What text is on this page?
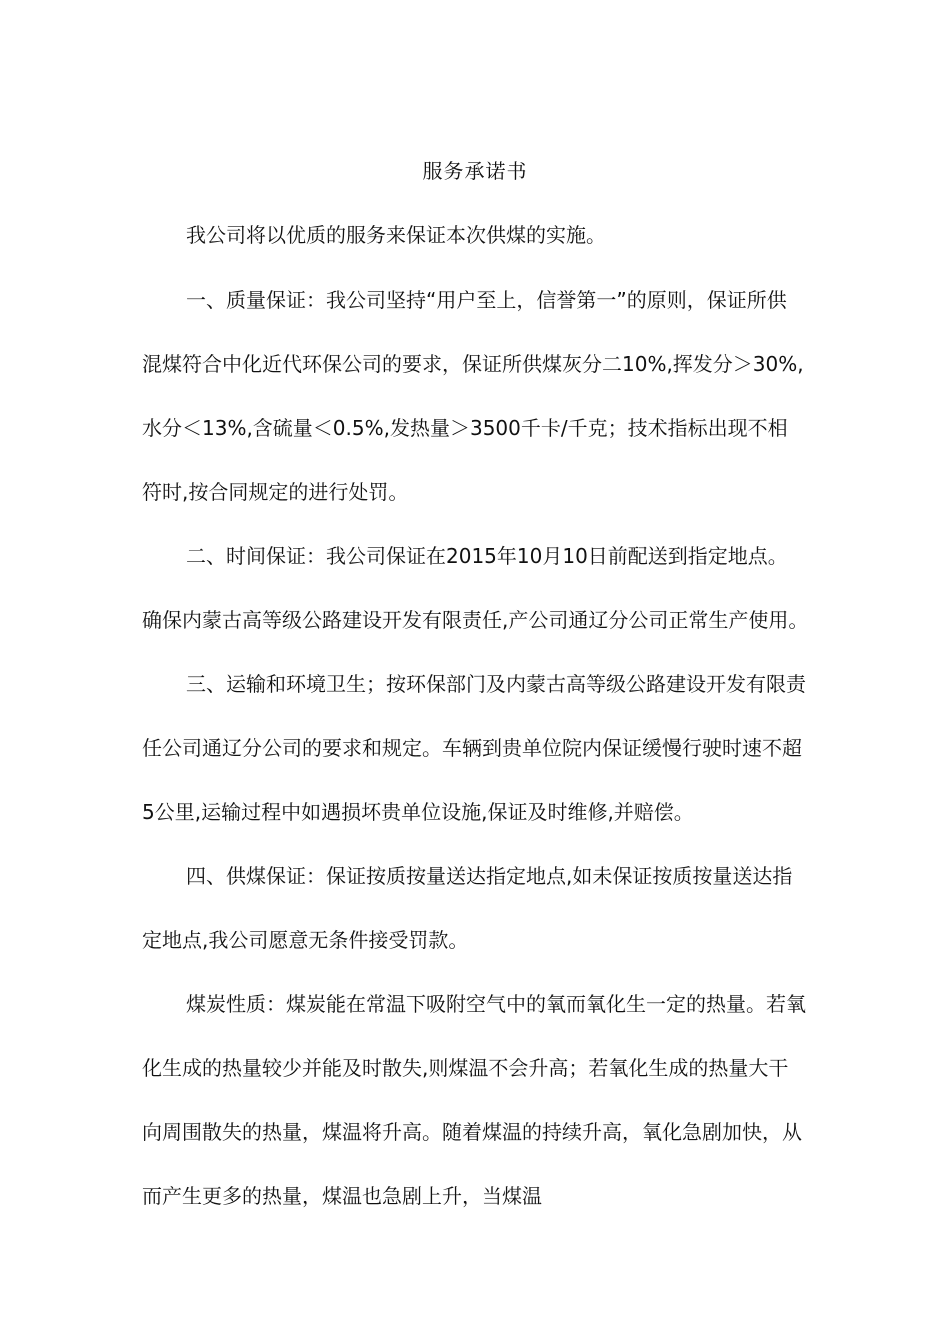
服务承诺书
我公司将以优质的服务来保证本次供煤的实施。
一、质量保证：我公司坚持“用户至上，信誉第一”的原则，保证所供
混煤符合中化近代环保公司的要求，保证所供煤灰分二10%,挥发分＞30%,
水分＜13%,含硫量＜0.5%,发热量＞3500千卡/千克；技术指标出现不相
符时,按合同规定的进行处罚。
二、时间保证：我公司保证在2015年10月10日前配送到指定地点。
确保内蒙古高等级公路建设开发有限责任,产公司通辽分公司正常生产使用。
三、运输和环境卫生；按环保部门及内蒙古高等级公路建设开发有限责
任公司通辽分公司的要求和规定。车辆到贵单位院内保证缓慢行驶时速不超
5公里,运输过程中如遇损坏贵单位设施,保证及时维修,并赔偿。
四、供煤保证：保证按质按量送达指定地点,如未保证按质按量送达指
定地点,我公司愿意无条件接受罚款。
煤炭性质：煤炭能在常温下吸附空气中的氧而氧化生一定的热量。若氧
化生成的热量较少并能及时散失,则煤温不会升高；若氧化生成的热量大干
向周围散失的热量，煤温将升高。随着煤温的持续升高，氧化急剧加快，从
而产生更多的热量，煤温也急剧上升，当煤温
